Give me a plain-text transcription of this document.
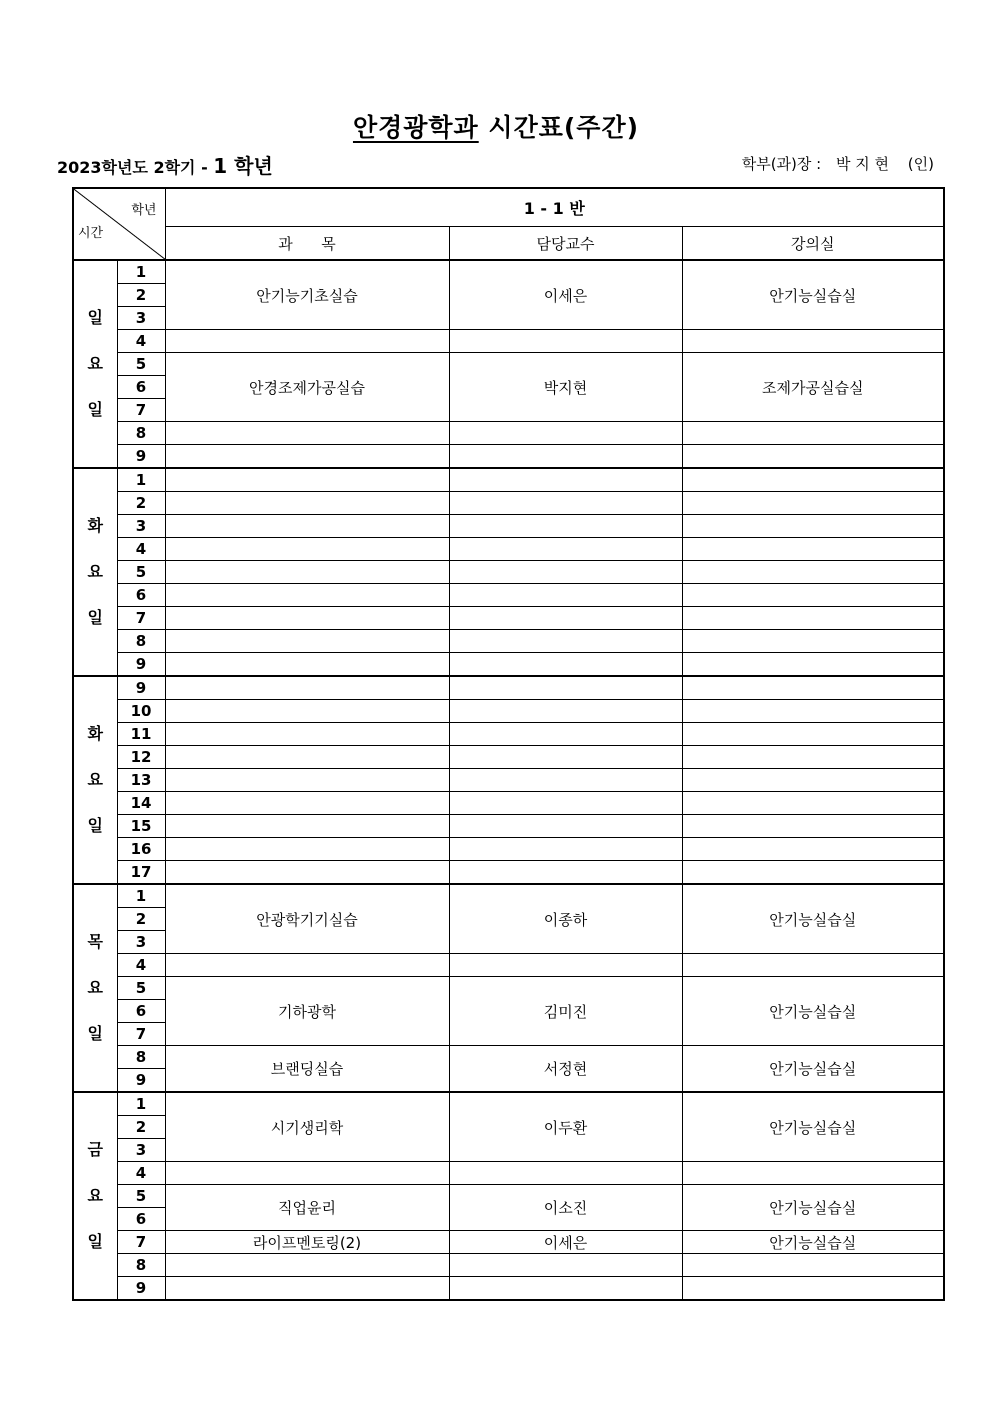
안경광학과 시간표(주간)
2023학년도 2학기 - 1 학년	학부(과)장 : 박 지 현 (인)
학년
시간		1 - 1 반		
		과      목	담당교수	강의실

일
요
일	1	안기능기초실습	이세은	안기능실습실
	2			
	3			
	4			
	5	안경조제가공실습	박지현	조제가공실습실
	6			
	7			
	8			
	9			

화
요
일	1			
	2			
	3			
	4			
	5			
	6			
	7			
	8			
	9			

화
요
일	9			
	10			
	11			
	12			
	13			
	14			
	15			
	16			
	17			

목
요
일	1	안광학기기실습	이종하	안기능실습실
	2			
	3			
	4			
	5	기하광학	김미진	안기능실습실
	6			
	7			
	8	브랜딩실습	서정현	안기능실습실
	9			

금
요
일	1	시기생리학	이두환	안기능실습실
	2			
	3			
	4			
	5	직업윤리	이소진	안기능실습실
	6			
	7	라이프멘토링(2)	이세은	안기능실습실
	8			
	9			
